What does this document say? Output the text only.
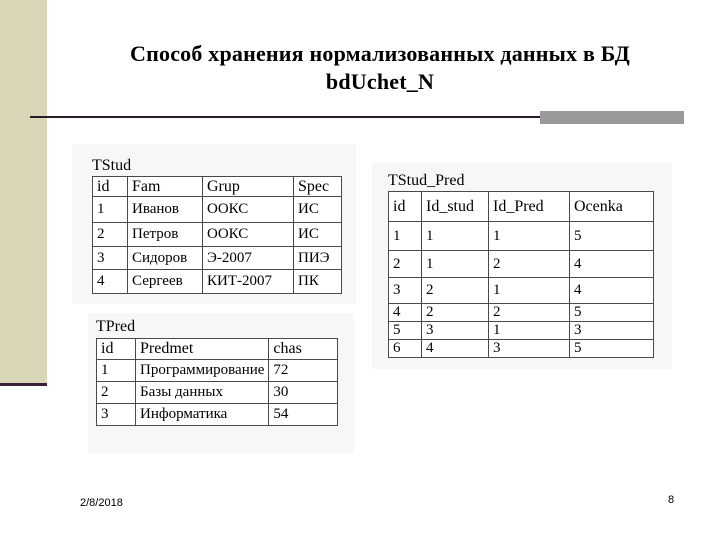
Способ хранения нормализованных данных в БД
bdUchet_N
TStud
id	Fam	Grup	Spec
1	Иванов	ООКС	ИС
2	Петров	ООКС	ИС
3	Сидоров	Э-2007	ПИЭ
4	Сергеев	КИТ-2007	ПК
TStud_Pred
id	Id_stud	Id_Pred	Ocenka
1	1	1	5
2	1	2	4
3	2	1	4
4	2	2	5
5	3	1	3
6	4	3	5
TPred
id	Predmet	chas
1	Программирование	72
2	Базы данных	30
3	Информатика	54
2/8/2018	8
